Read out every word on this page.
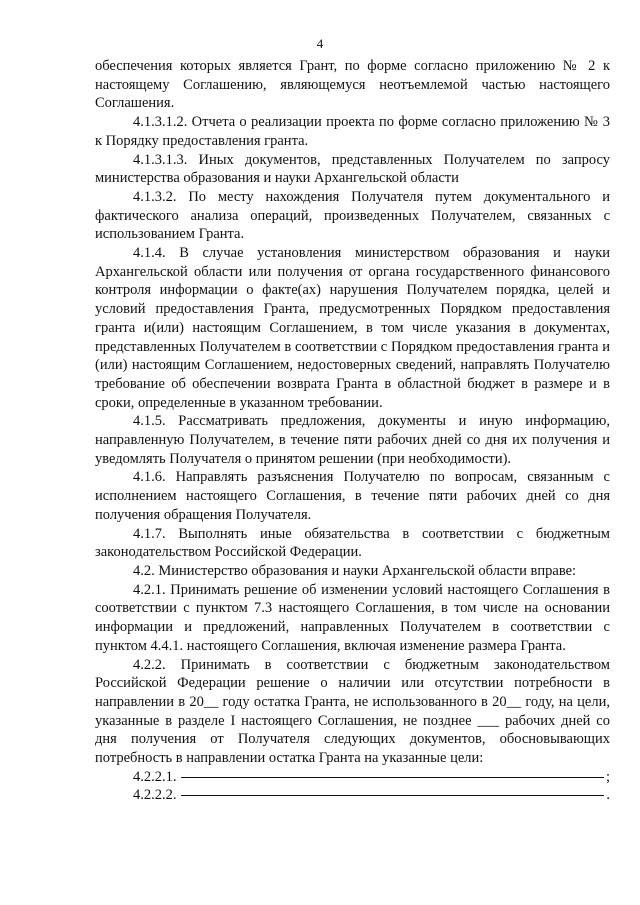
4

обеспечения которых является Грант, по форме согласно приложению № 2 к настоящему Соглашению, являющемуся неотъемлемой частью настоящего Соглашения.

4.1.3.1.2. Отчета о реализации проекта по форме согласно приложению № 3 к Порядку предоставления гранта.

4.1.3.1.3. Иных документов, представленных Получателем по запросу министерства образования и науки Архангельской области

4.1.3.2. По месту нахождения Получателя путем документального и фактического анализа операций, произведенных Получателем, связанных с использованием Гранта.

4.1.4. В случае установления министерством образования и науки Архангельской области или получения от органа государственного финансового контроля информации о факте(ах) нарушения Получателем порядка, целей и условий предоставления Гранта, предусмотренных Порядком предоставления гранта и(или) настоящим Соглашением, в том числе указания в документах, представленных Получателем в соответствии с Порядком предоставления гранта и (или) настоящим Соглашением, недостоверных сведений, направлять Получателю требование об обеспечении возврата Гранта в областной бюджет в размере и в сроки, определенные в указанном требовании.

4.1.5. Рассматривать предложения, документы и иную информацию, направленную Получателем, в течение пяти рабочих дней со дня их получения и уведомлять Получателя о принятом решении (при необходимости).

4.1.6. Направлять разъяснения Получателю по вопросам, связанным с исполнением настоящего Соглашения, в течение пяти рабочих дней со дня получения обращения Получателя.

4.1.7. Выполнять иные обязательства в соответствии с бюджетным законодательством Российской Федерации.

4.2. Министерство образования и науки Архангельской области вправе:

4.2.1. Принимать решение об изменении условий настоящего Соглашения в соответствии с пунктом 7.3 настоящего Соглашения, в том числе на основании информации и предложений, направленных Получателем в соответствии с пунктом 4.4.1. настоящего Соглашения, включая изменение размера Гранта.

4.2.2. Принимать в соответствии с бюджетным законодательством Российской Федерации решение о наличии или отсутствии потребности в направлении в 20__ году остатка Гранта, не использованного в 20__ году, на цели, указанные в разделе I настоящего Соглашения, не позднее ___ рабочих дней со дня получения от Получателя следующих документов, обосновывающих потребность в направлении остатка Гранта на указанные цели:

4.2.2.1.	;
4.2.2.2.	.
